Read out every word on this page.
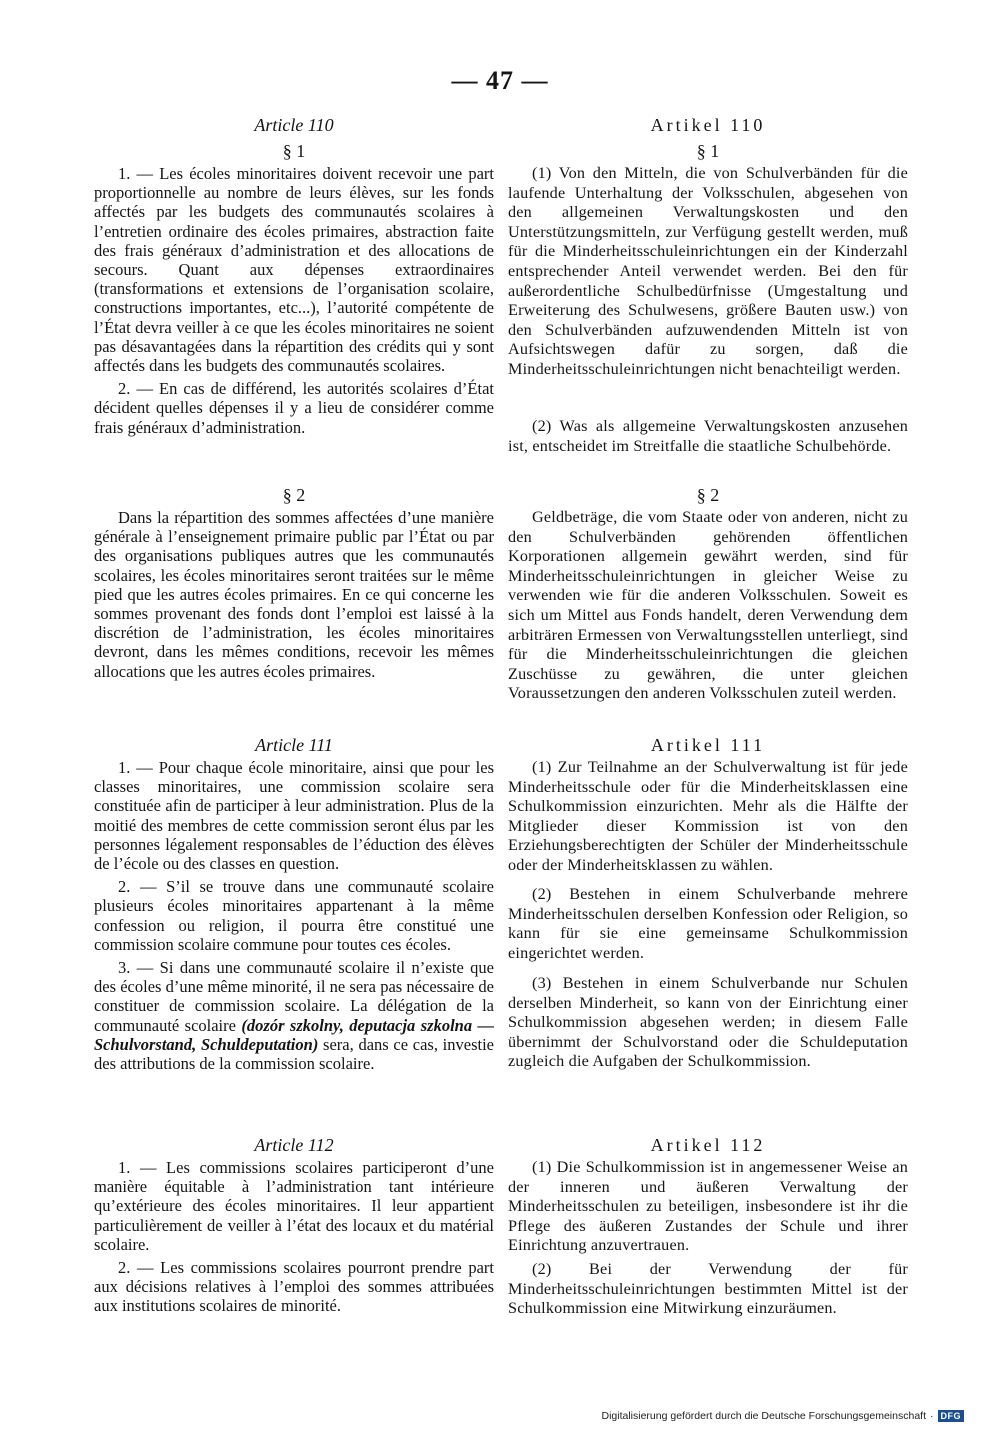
— 47 —

Article 110

§ 1

1. — Les écoles minoritaires doivent recevoir une part proportionnelle au nombre de leurs élèves, sur les fonds affectés par les budgets des communautés scolaires à l’entretien ordinaire des écoles primaires, abstraction faite des frais généraux d’administration et des allocations de secours. Quant aux dépenses extraordinaires (transformations et extensions de l’organisation scolaire, constructions importantes, etc...), l’autorité compétente de l’État devra veiller à ce que les écoles minoritaires ne soient pas désavantagées dans la répartition des crédits qui y sont affectés dans les budgets des communautés scolaires.

2. — En cas de différend, les autorités scolaires d’État décident quelles dépenses il y a lieu de considérer comme frais généraux d’administration.

§ 2

Dans la répartition des sommes affectées d’une manière générale à l’enseignement primaire public par l’État ou par des organisations publiques autres que les communautés scolaires, les écoles minoritaires seront traitées sur le même pied que les autres écoles primaires. En ce qui concerne les sommes provenant des fonds dont l’emploi est laissé à la discrétion de l’administration, les écoles minoritaires devront, dans les mêmes conditions, recevoir les mêmes allocations que les autres écoles primaires.

Article 111

1. — Pour chaque école minoritaire, ainsi que pour les classes minoritaires, une commission scolaire sera constituée afin de participer à leur administration. Plus de la moitié des membres de cette commission seront élus par les personnes légalement responsables de l’éduction des élèves de l’école ou des classes en question.

2. — S’il se trouve dans une communauté scolaire plusieurs écoles minoritaires appartenant à la même confession ou religion, il pourra être constitué une commission scolaire commune pour toutes ces écoles.

3. — Si dans une communauté scolaire il n’existe que des écoles d’une même minorité, il ne sera pas nécessaire de constituer de commission scolaire. La délégation de la communauté scolaire (dozór szkolny, deputacja szkolna — Schulvorstand, Schuldeputation) sera, dans ce cas, investie des attributions de la commission scolaire.

Article 112

1. — Les commissions scolaires participeront d’une manière équitable à l’administration tant intérieure qu’extérieure des écoles minoritaires. Il leur appartient particulièrement de veiller à l’état des locaux et du matérial scolaire.

2. — Les commissions scolaires pourront prendre part aux décisions relatives à l’emploi des sommes attribuées aux institutions scolaires de minorité.

Artikel 110

§ 1

(1) Von den Mitteln, die von Schulverbänden für die laufende Unterhaltung der Volksschulen, abgesehen von den allgemeinen Verwaltungskosten und den Unterstützungsmitteln, zur Verfügung gestellt werden, muß für die Minderheitsschuleinrichtungen ein der Kinderzahl entsprechender Anteil verwendet werden. Bei den für außerordentliche Schulbedürfnisse (Umgestaltung und Erweiterung des Schulwesens, größere Bauten usw.) von den Schulverbänden aufzuwendenden Mitteln ist von Aufsichtswegen dafür zu sorgen, daß die Minderheitsschuleinrichtungen nicht benachteiligt werden.

(2) Was als allgemeine Verwaltungskosten anzusehen ist, entscheidet im Streitfalle die staatliche Schulbehörde.

§ 2

Geldbeträge, die vom Staate oder von anderen, nicht zu den Schulverbänden gehörenden öffentlichen Korporationen allgemein gewährt werden, sind für Minderheitsschuleinrichtungen in gleicher Weise zu verwenden wie für die anderen Volksschulen. Soweit es sich um Mittel aus Fonds handelt, deren Verwendung dem arbiträren Ermessen von Verwaltungsstellen unterliegt, sind für die Minderheitsschuleinrichtungen die gleichen Zuschüsse zu gewähren, die unter gleichen Voraussetzungen den anderen Volksschulen zuteil werden.

Artikel 111

(1) Zur Teilnahme an der Schulverwaltung ist für jede Minderheitsschule oder für die Minderheitsklassen eine Schulkommission einzurichten. Mehr als die Hälfte der Mitglieder dieser Kommission ist von den Erziehungsberechtigten der Schüler der Minderheitsschule oder der Minderheitsklassen zu wählen.

(2) Bestehen in einem Schulverbande mehrere Minderheitsschulen derselben Konfession oder Religion, so kann für sie eine gemeinsame Schulkommission eingerichtet werden.

(3) Bestehen in einem Schulverbande nur Schulen derselben Minderheit, so kann von der Einrichtung einer Schulkommission abgesehen werden; in diesem Falle übernimmt der Schulvorstand oder die Schuldeputation zugleich die Aufgaben der Schulkommission.

Artikel 112

(1) Die Schulkommission ist in angemessener Weise an der inneren und äußeren Verwaltung der Minderheitsschulen zu beteiligen, insbesondere ist ihr die Pflege des äußeren Zustandes der Schule und ihrer Einrichtung anzuvertrauen.

(2) Bei der Verwendung der für Minderheitsschuleinrichtungen bestimmten Mittel ist der Schulkommission eine Mitwirkung einzuräumen.

Digitalisierung gefördert durch die Deutsche Forschungsgemeinschaft · DFG
